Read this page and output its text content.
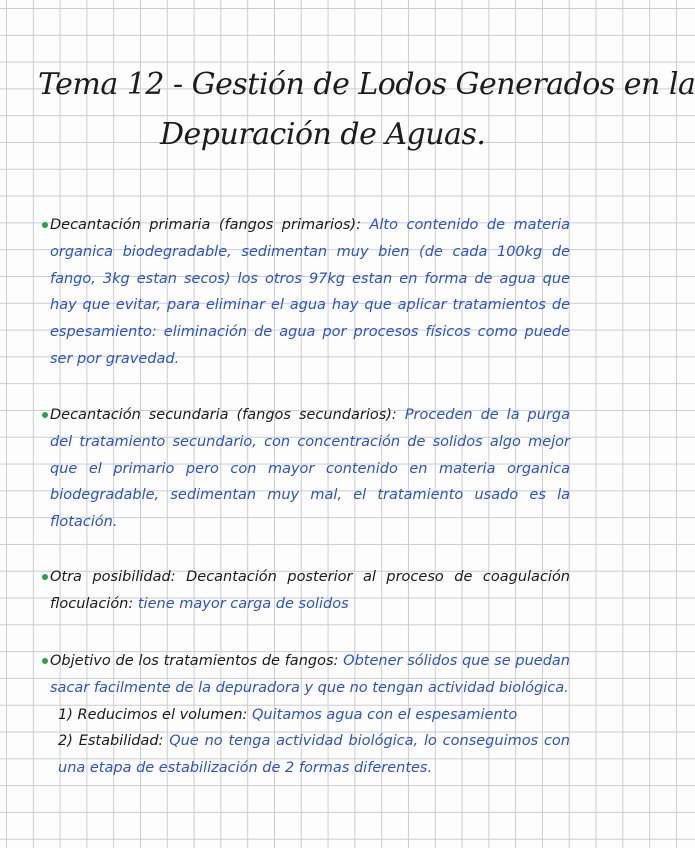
Tema 12 - Gestión de Lodos Generados en la
Depuración de Aguas.
Decantación primaria (fangos primarios): Alto contenido de materia organica biodegradable, sedimentan muy bien (de cada 100kg de fango, 3kg estan secos) los otros 97kg estan en forma de agua que hay que evitar, para eliminar el agua hay que aplicar tratamientos de espesamiento: eliminación de agua por procesos físicos como puede ser por gravedad.
Decantación secundaria (fangos secundarios): Proceden de la purga del tratamiento secundario, con concentración de solidos algo mejor que el primario pero con mayor contenido en materia organica biodegradable, sedimentan muy mal, el tratamiento usado es la flotación.
Otra posibilidad: Decantación posterior al proceso de coagulación floculación: tiene mayor carga de solidos
Objetivo de los tratamientos de fangos: Obtener sólidos que se puedan sacar facilmente de la depuradora y que no tengan actividad biológica.
1) Reducimos el volumen: Quitamos agua con el espesamiento
2) Estabilidad: Que no tenga actividad biológica, lo conseguimos con una etapa de estabilización de 2 formas diferentes.
